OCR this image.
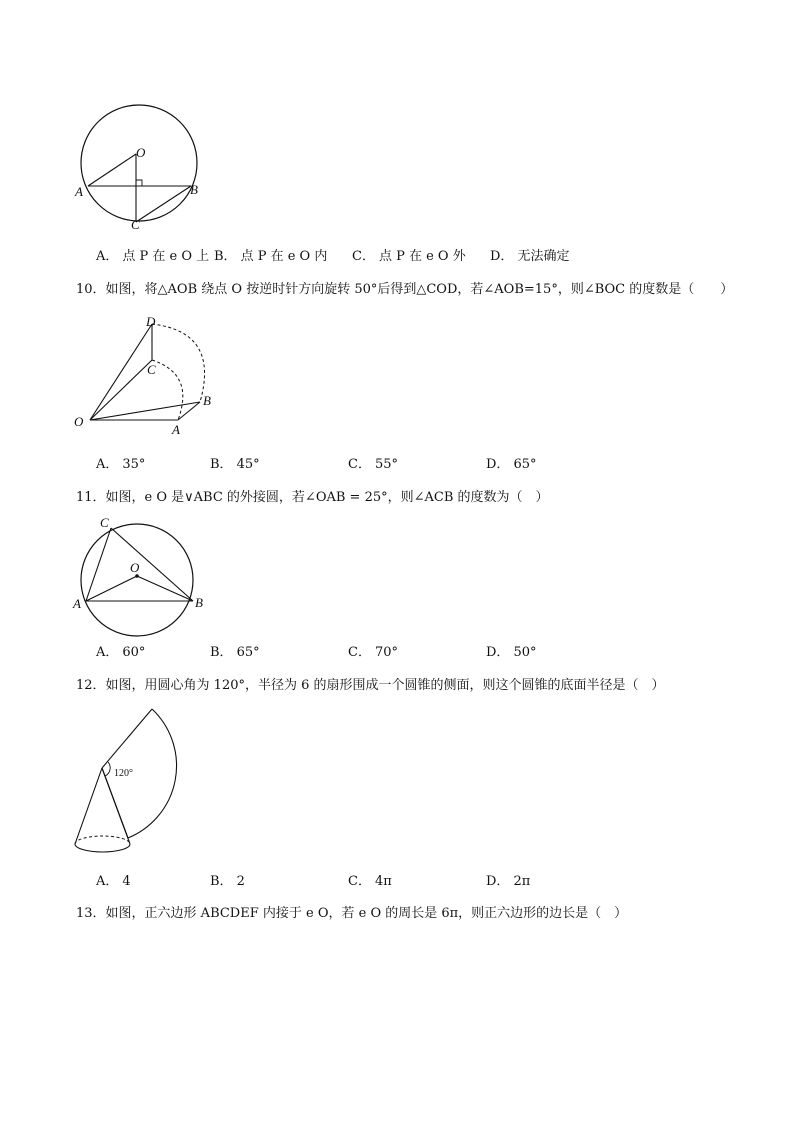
O
A	B
C
A． 点 P 在 e O 上 B． 点 P 在 e O 内 C． 点 P 在 e O 外 D． 无法确定
10．如图，将△AOB 绕点 O 按逆时针方向旋转 50°后得到△COD，若∠AOB=15°，则∠BOC 的度数是（　　）
D
C
B
O
A
A． 35°	B． 45°	C． 55°	D． 65°
11．如图，e O 是∨ABC 的外接圆，若∠OAB = 25°，则∠ACB 的度数为（　）
C
O
A	B
A． 60°	B． 65°	C． 70°	D． 50°
12．如图，用圆心角为 120°，半径为 6 的扇形围成一个圆锥的侧面，则这个圆锥的底面半径是（　）
120°
A． 4	B． 2	C． 4π	D． 2π
13．如图，正六边形 ABCDEF 内接于 e O，若 e O 的周长是 6π，则正六边形的边长是（　）
